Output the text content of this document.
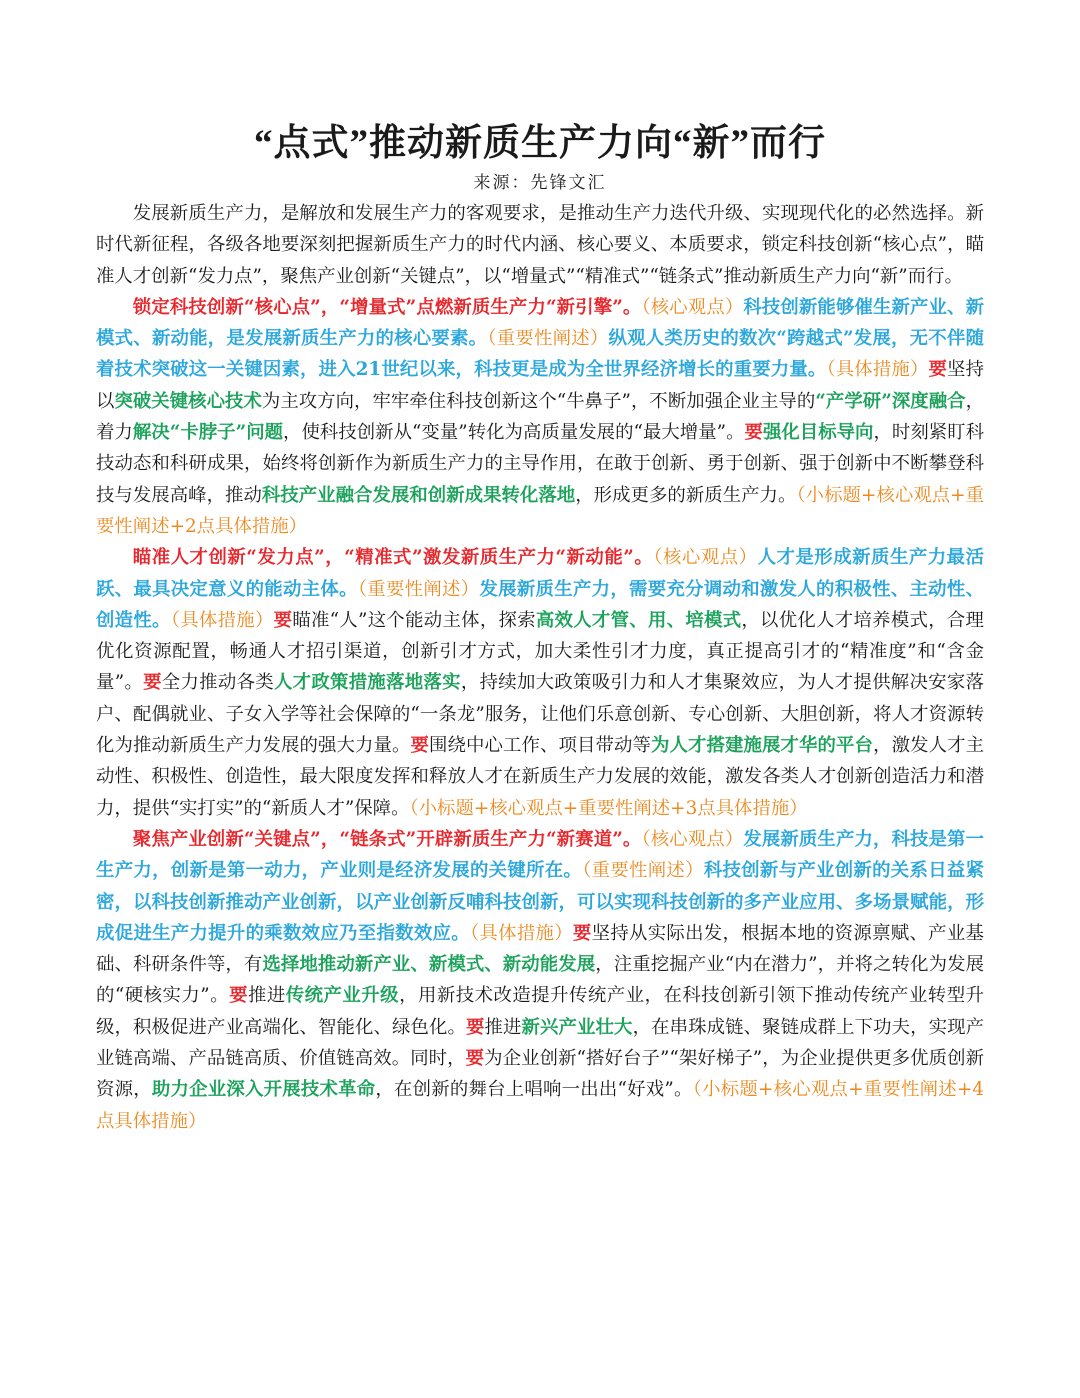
“点式”推动新质生产力向“新”而行
来源：先锋文汇

发展新质生产力，是解放和发展生产力的客观要求，是推动生产力迭代升级、实现现代化的必然选择。新时代新征程，各级各地要深刻把握新质生产力的时代内涵、核心要义、本质要求，锁定科技创新“核心点”，瞄准人才创新“发力点”，聚焦产业创新“关键点”，以“增量式”“精准式”“链条式”推动新质生产力向“新”而行。

锁定科技创新“核心点”，“增量式”点燃新质生产力“新引擎”。（核心观点）科技创新能够催生新产业、新模式、新动能，是发展新质生产力的核心要素。（重要性阐述）纵观人类历史的数次“跨越式”发展，无不伴随着技术突破这一关键因素，进入21世纪以来，科技更是成为全世界经济增长的重要力量。（具体措施）要坚持以突破关键核心技术为主攻方向，牢牢牵住科技创新这个“牛鼻子”，不断加强企业主导的“产学研”深度融合，着力解决“卡脖子”问题，使科技创新从“变量”转化为高质量发展的“最大增量”。要强化目标导向，时刻紧盯科技动态和科研成果，始终将创新作为新质生产力的主导作用，在敢于创新、勇于创新、强于创新中不断攀登科技与发展高峰，推动科技产业融合发展和创新成果转化落地，形成更多的新质生产力。（小标题+核心观点+重要性阐述+2点具体措施）

瞄准人才创新“发力点”，“精准式”激发新质生产力“新动能”。（核心观点）人才是形成新质生产力最活跃、最具决定意义的能动主体。（重要性阐述）发展新质生产力，需要充分调动和激发人的积极性、主动性、创造性。（具体措施）要瞄准“人”这个能动主体，探索高效人才管、用、培模式，以优化人才培养模式，合理优化资源配置，畅通人才招引渠道，创新引才方式，加大柔性引才力度，真正提高引才的“精准度”和“含金量”。要全力推动各类人才政策措施落地落实，持续加大政策吸引力和人才集聚效应，为人才提供解决安家落户、配偶就业、子女入学等社会保障的“一条龙”服务，让他们乐意创新、专心创新、大胆创新，将人才资源转化为推动新质生产力发展的强大力量。要围绕中心工作、项目带动等为人才搭建施展才华的平台，激发人才主动性、积极性、创造性，最大限度发挥和释放人才在新质生产力发展的效能，激发各类人才创新创造活力和潜力，提供“实打实”的“新质人才”保障。（小标题+核心观点+重要性阐述+3点具体措施）

聚焦产业创新“关键点”，“链条式”开辟新质生产力“新赛道”。（核心观点）发展新质生产力，科技是第一生产力，创新是第一动力，产业则是经济发展的关键所在。（重要性阐述）科技创新与产业创新的关系日益紧密，以科技创新推动产业创新，以产业创新反哺科技创新，可以实现科技创新的多产业应用、多场景赋能，形成促进生产力提升的乘数效应乃至指数效应。（具体措施）要坚持从实际出发，根据本地的资源禀赋、产业基础、科研条件等，有选择地推动新产业、新模式、新动能发展，注重挖掘产业“内在潜力”，并将之转化为发展的“硬核实力”。要推进传统产业升级，用新技术改造提升传统产业，在科技创新引领下推动传统产业转型升级，积极促进产业高端化、智能化、绿色化。要推进新兴产业壮大，在串珠成链、聚链成群上下功夫，实现产业链高端、产品链高质、价值链高效。同时，要为企业创新“搭好台子”“架好梯子”，为企业提供更多优质创新资源，助力企业深入开展技术革命，在创新的舞台上唱响一出出“好戏”。（小标题+核心观点+重要性阐述+4点具体措施）
